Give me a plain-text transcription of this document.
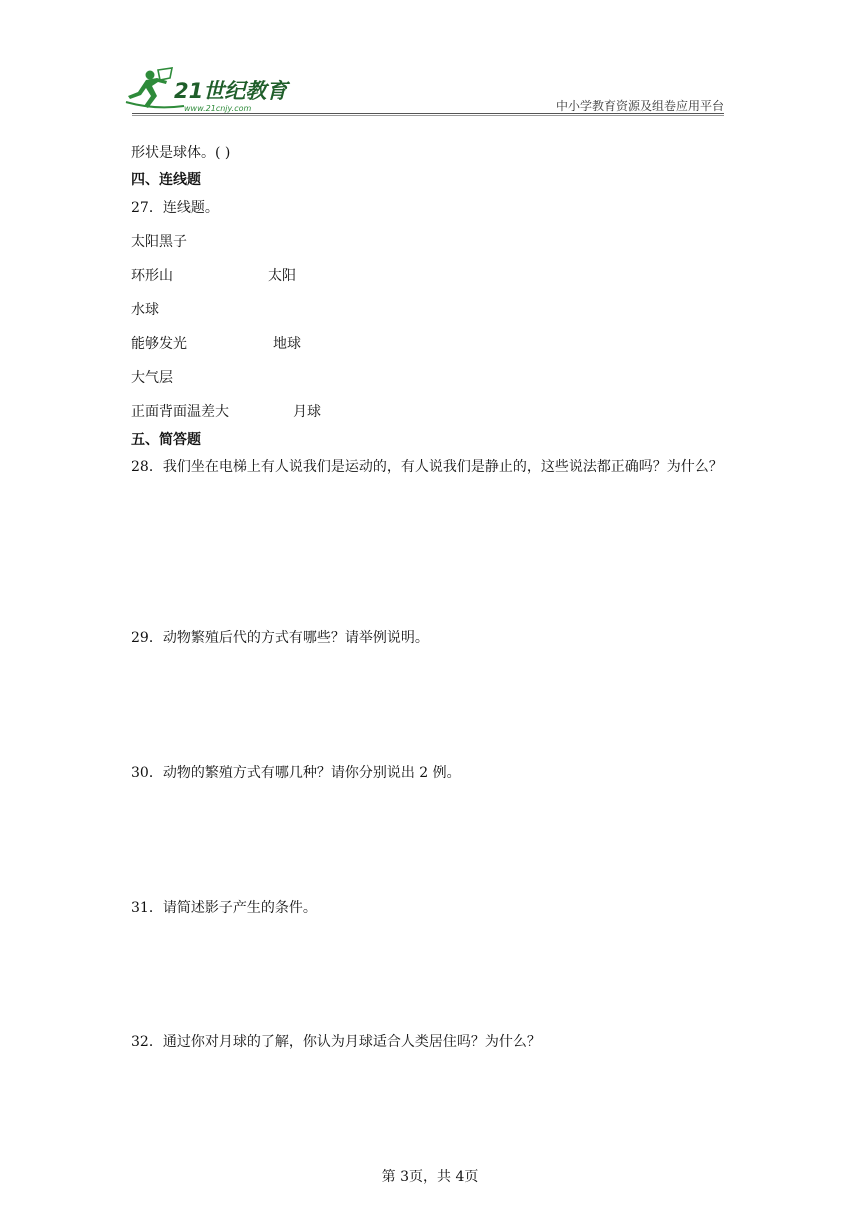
21世纪教育
www.21cnjy.com	中小学教育资源及组卷应用平台
形状是球体。( )
四、连线题
27．连线题。
太阳黑子
环形山
水球
能够发光
大气层
正面背面温差大
太阳
地球
月球
五、简答题
28．我们坐在电梯上有人说我们是运动的，有人说我们是静止的，这些说法都正确吗？为什么？
29．动物繁殖后代的方式有哪些？请举例说明。
30．动物的繁殖方式有哪几种？请你分别说出 2 例。
31．请简述影子产生的条件。
32．通过你对月球的了解，你认为月球适合人类居住吗？为什么？
第 3页，共 4页
